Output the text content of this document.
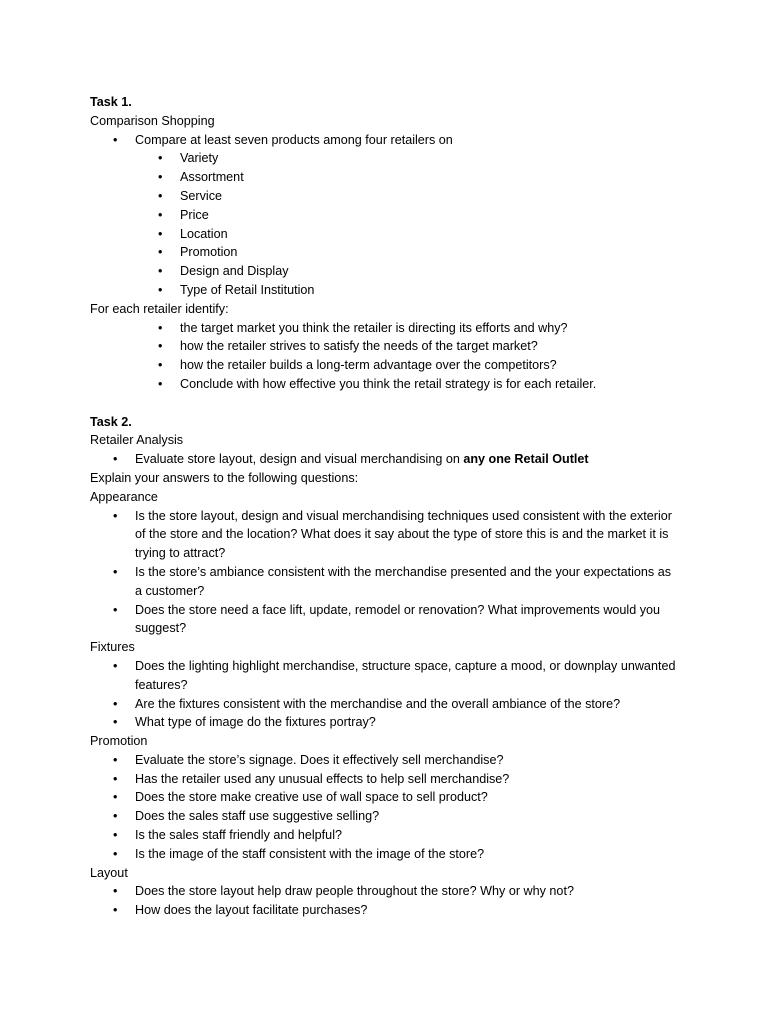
Task 1.
Comparison Shopping
• Compare at least seven products among four retailers on
• Variety
• Assortment
• Service
• Price
• Location
• Promotion
• Design and Display
• Type of Retail Institution
For each retailer identify:
• the target market you think the retailer is directing its efforts and why?
• how the retailer strives to satisfy the needs of the target market?
• how the retailer builds a long-term advantage over the competitors?
• Conclude with how effective you think the retail strategy is for each retailer.
Task 2.
Retailer Analysis
• Evaluate store layout, design and visual merchandising on any one Retail Outlet
Explain your answers to the following questions:
Appearance
• Is the store layout, design and visual merchandising techniques used consistent with the exterior of the store and the location? What does it say about the type of store this is and the market it is trying to attract?
• Is the store’s ambiance consistent with the merchandise presented and the your expectations as a customer?
• Does the store need a face lift, update, remodel or renovation? What improvements would you suggest?
Fixtures
• Does the lighting highlight merchandise, structure space, capture a mood, or downplay unwanted features?
• Are the fixtures consistent with the merchandise and the overall ambiance of the store?
• What type of image do the fixtures portray?
Promotion
• Evaluate the store’s signage. Does it effectively sell merchandise?
• Has the retailer used any unusual effects to help sell merchandise?
• Does the store make creative use of wall space to sell product?
• Does the sales staff use suggestive selling?
• Is the sales staff friendly and helpful?
• Is the image of the staff consistent with the image of the store?
Layout
• Does the store layout help draw people throughout the store? Why or why not?
• How does the layout facilitate purchases?
